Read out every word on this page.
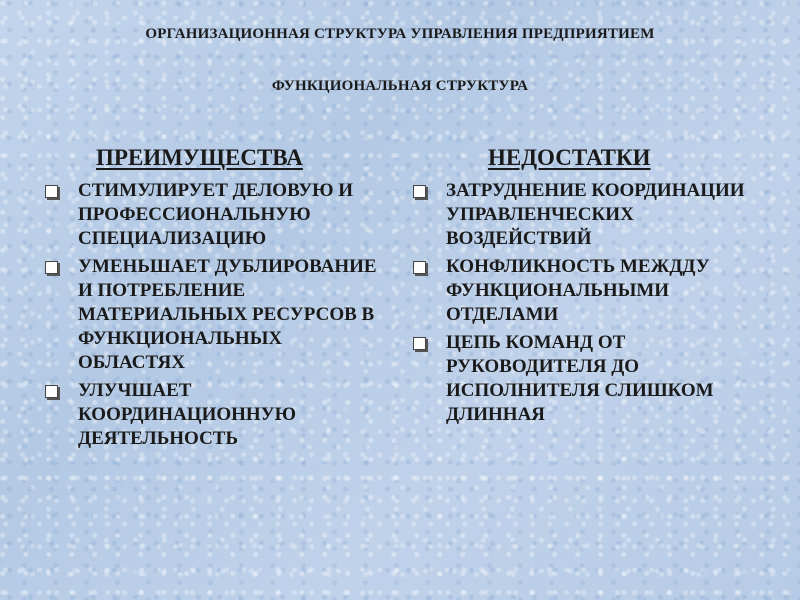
ОРГАНИЗАЦИОННАЯ СТРУКТУРА УПРАВЛЕНИЯ ПРЕДПРИЯТИЕМ
ФУНКЦИОНАЛЬНАЯ СТРУКТУРА
ПРЕИМУЩЕСТВА
СТИМУЛИРУЕТ ДЕЛОВУЮ И ПРОФЕССИОНАЛЬНУЮ СПЕЦИАЛИЗАЦИЮ
УМЕНЬШАЕТ ДУБЛИРОВАНИЕ И ПОТРЕБЛЕНИЕ МАТЕРИАЛЬНЫХ РЕСУРСОВ В ФУНКЦИОНАЛЬНЫХ ОБЛАСТЯХ
УЛУЧШАЕТ КООРДИНАЦИОННУЮ ДЕЯТЕЛЬНОСТЬ
НЕДОСТАТКИ
ЗАТРУДНЕНИЕ КООРДИНАЦИИ УПРАВЛЕНЧЕСКИХ ВОЗДЕЙСТВИЙ
КОНФЛИКНОСТЬ МЕЖДДУ ФУНКЦИОНАЛЬНЫМИ ОТДЕЛАМИ
ЦЕПЬ КОМАНД ОТ РУКОВОДИТЕЛЯ ДО ИСПОЛНИТЕЛЯ СЛИШКОМ ДЛИННАЯ
